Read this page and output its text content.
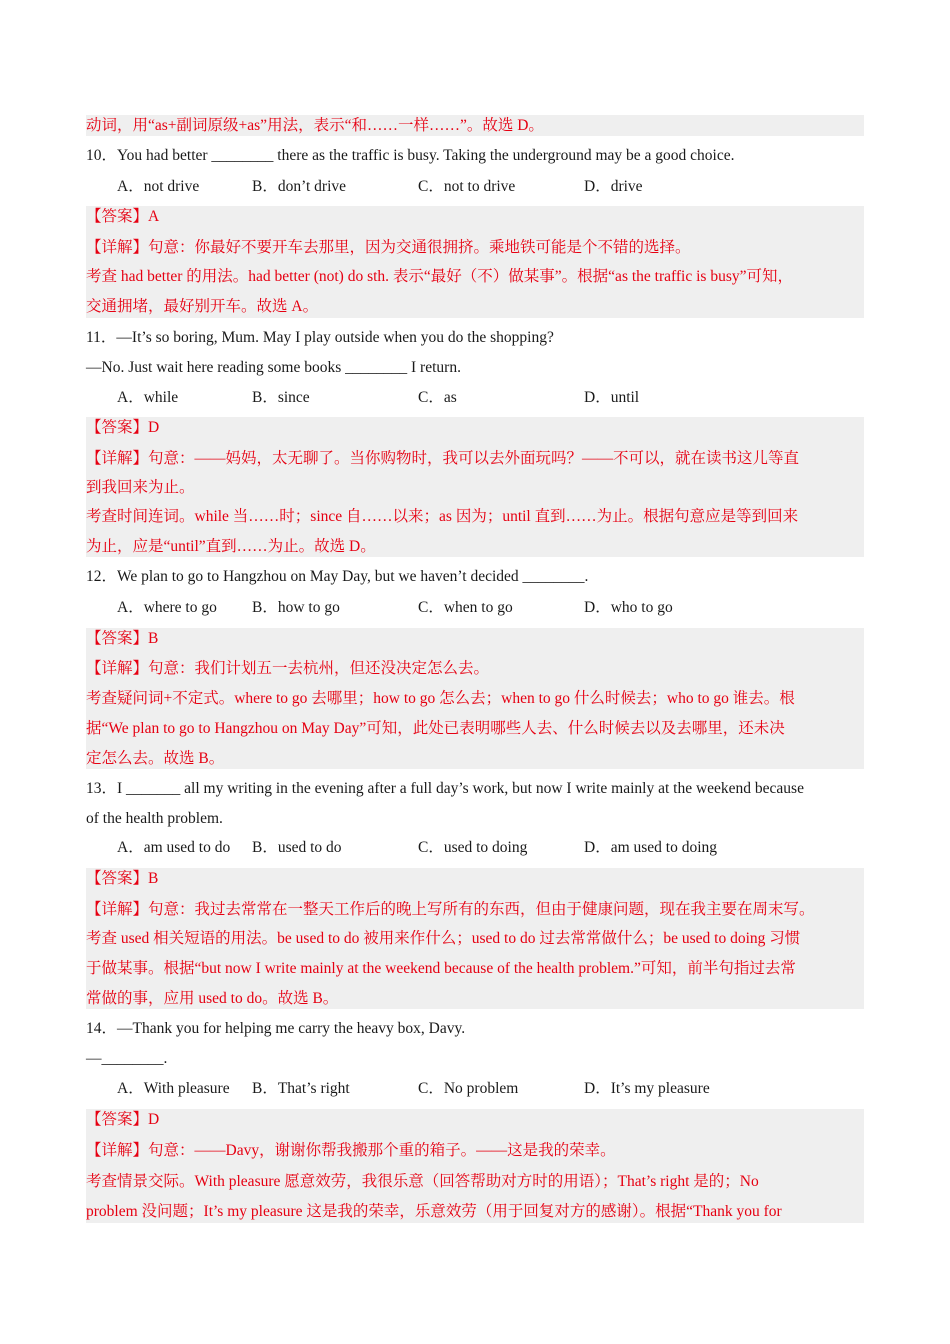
动词，用“as+副词原级+as”用法，表示“和……一样……”。故选 D。
10．You had better ________ there as the traffic is busy. Taking the underground may be a good choice.
A．not drive	B．don’t drive	C．not to drive	D．drive
【答案】A
【详解】句意：你最好不要开车去那里，因为交通很拥挤。乘地铁可能是个不错的选择。
考查 had better 的用法。had better (not) do sth. 表示“最好（不）做某事”。根据“as the traffic is busy”可知，
交通拥堵，最好别开车。故选 A。
11．—It’s so boring, Mum. May I play outside when you do the shopping?
—No. Just wait here reading some books ________ I return.
A．while	B．since	C．as	D．until
【答案】D
【详解】句意：——妈妈，太无聊了。当你购物时，我可以去外面玩吗？——不可以，就在读书这儿等直
到我回来为止。
考查时间连词。while 当……时；since 自……以来；as 因为；until 直到……为止。根据句意应是等到回来
为止，应是“until”直到……为止。故选 D。
12．We plan to go to Hangzhou on May Day, but we haven’t decided ________.
A．where to go B．how to go	C．when to go	D．who to go
【答案】B
【详解】句意：我们计划五一去杭州，但还没决定怎么去。
考查疑问词+不定式。where to go 去哪里；how to go 怎么去；when to go 什么时候去；who to go 谁去。根
据“We plan to go to Hangzhou on May Day”可知，此处已表明哪些人去、什么时候去以及去哪里，还未决
定怎么去。故选 B。
13．I _______ all my writing in the evening after a full day’s work, but now I write mainly at the weekend because
of the health problem.
A．am used to do B．used to do	C．used to doing	D．am used to doing
【答案】B
【详解】句意：我过去常常在一整天工作后的晚上写所有的东西，但由于健康问题，现在我主要在周末写。
考查 used 相关短语的用法。be used to do 被用来作什么；used to do 过去常常做什么；be used to doing 习惯
于做某事。根据“but now I write mainly at the weekend because of the health problem.”可知，前半句指过去常
常做的事，应用 used to do。故选 B。
14．—Thank you for helping me carry the heavy box, Davy.
—________.
A．With pleasure B．That’s right	C．No problem	D．It’s my pleasure
【答案】D
【详解】句意：——Davy，谢谢你帮我搬那个重的箱子。——这是我的荣幸。
考查情景交际。With pleasure 愿意效劳，我很乐意（回答帮助对方时的用语）；That’s right 是的；No
problem 没问题；It’s my pleasure 这是我的荣幸，乐意效劳（用于回复对方的感谢）。根据“Thank you for
